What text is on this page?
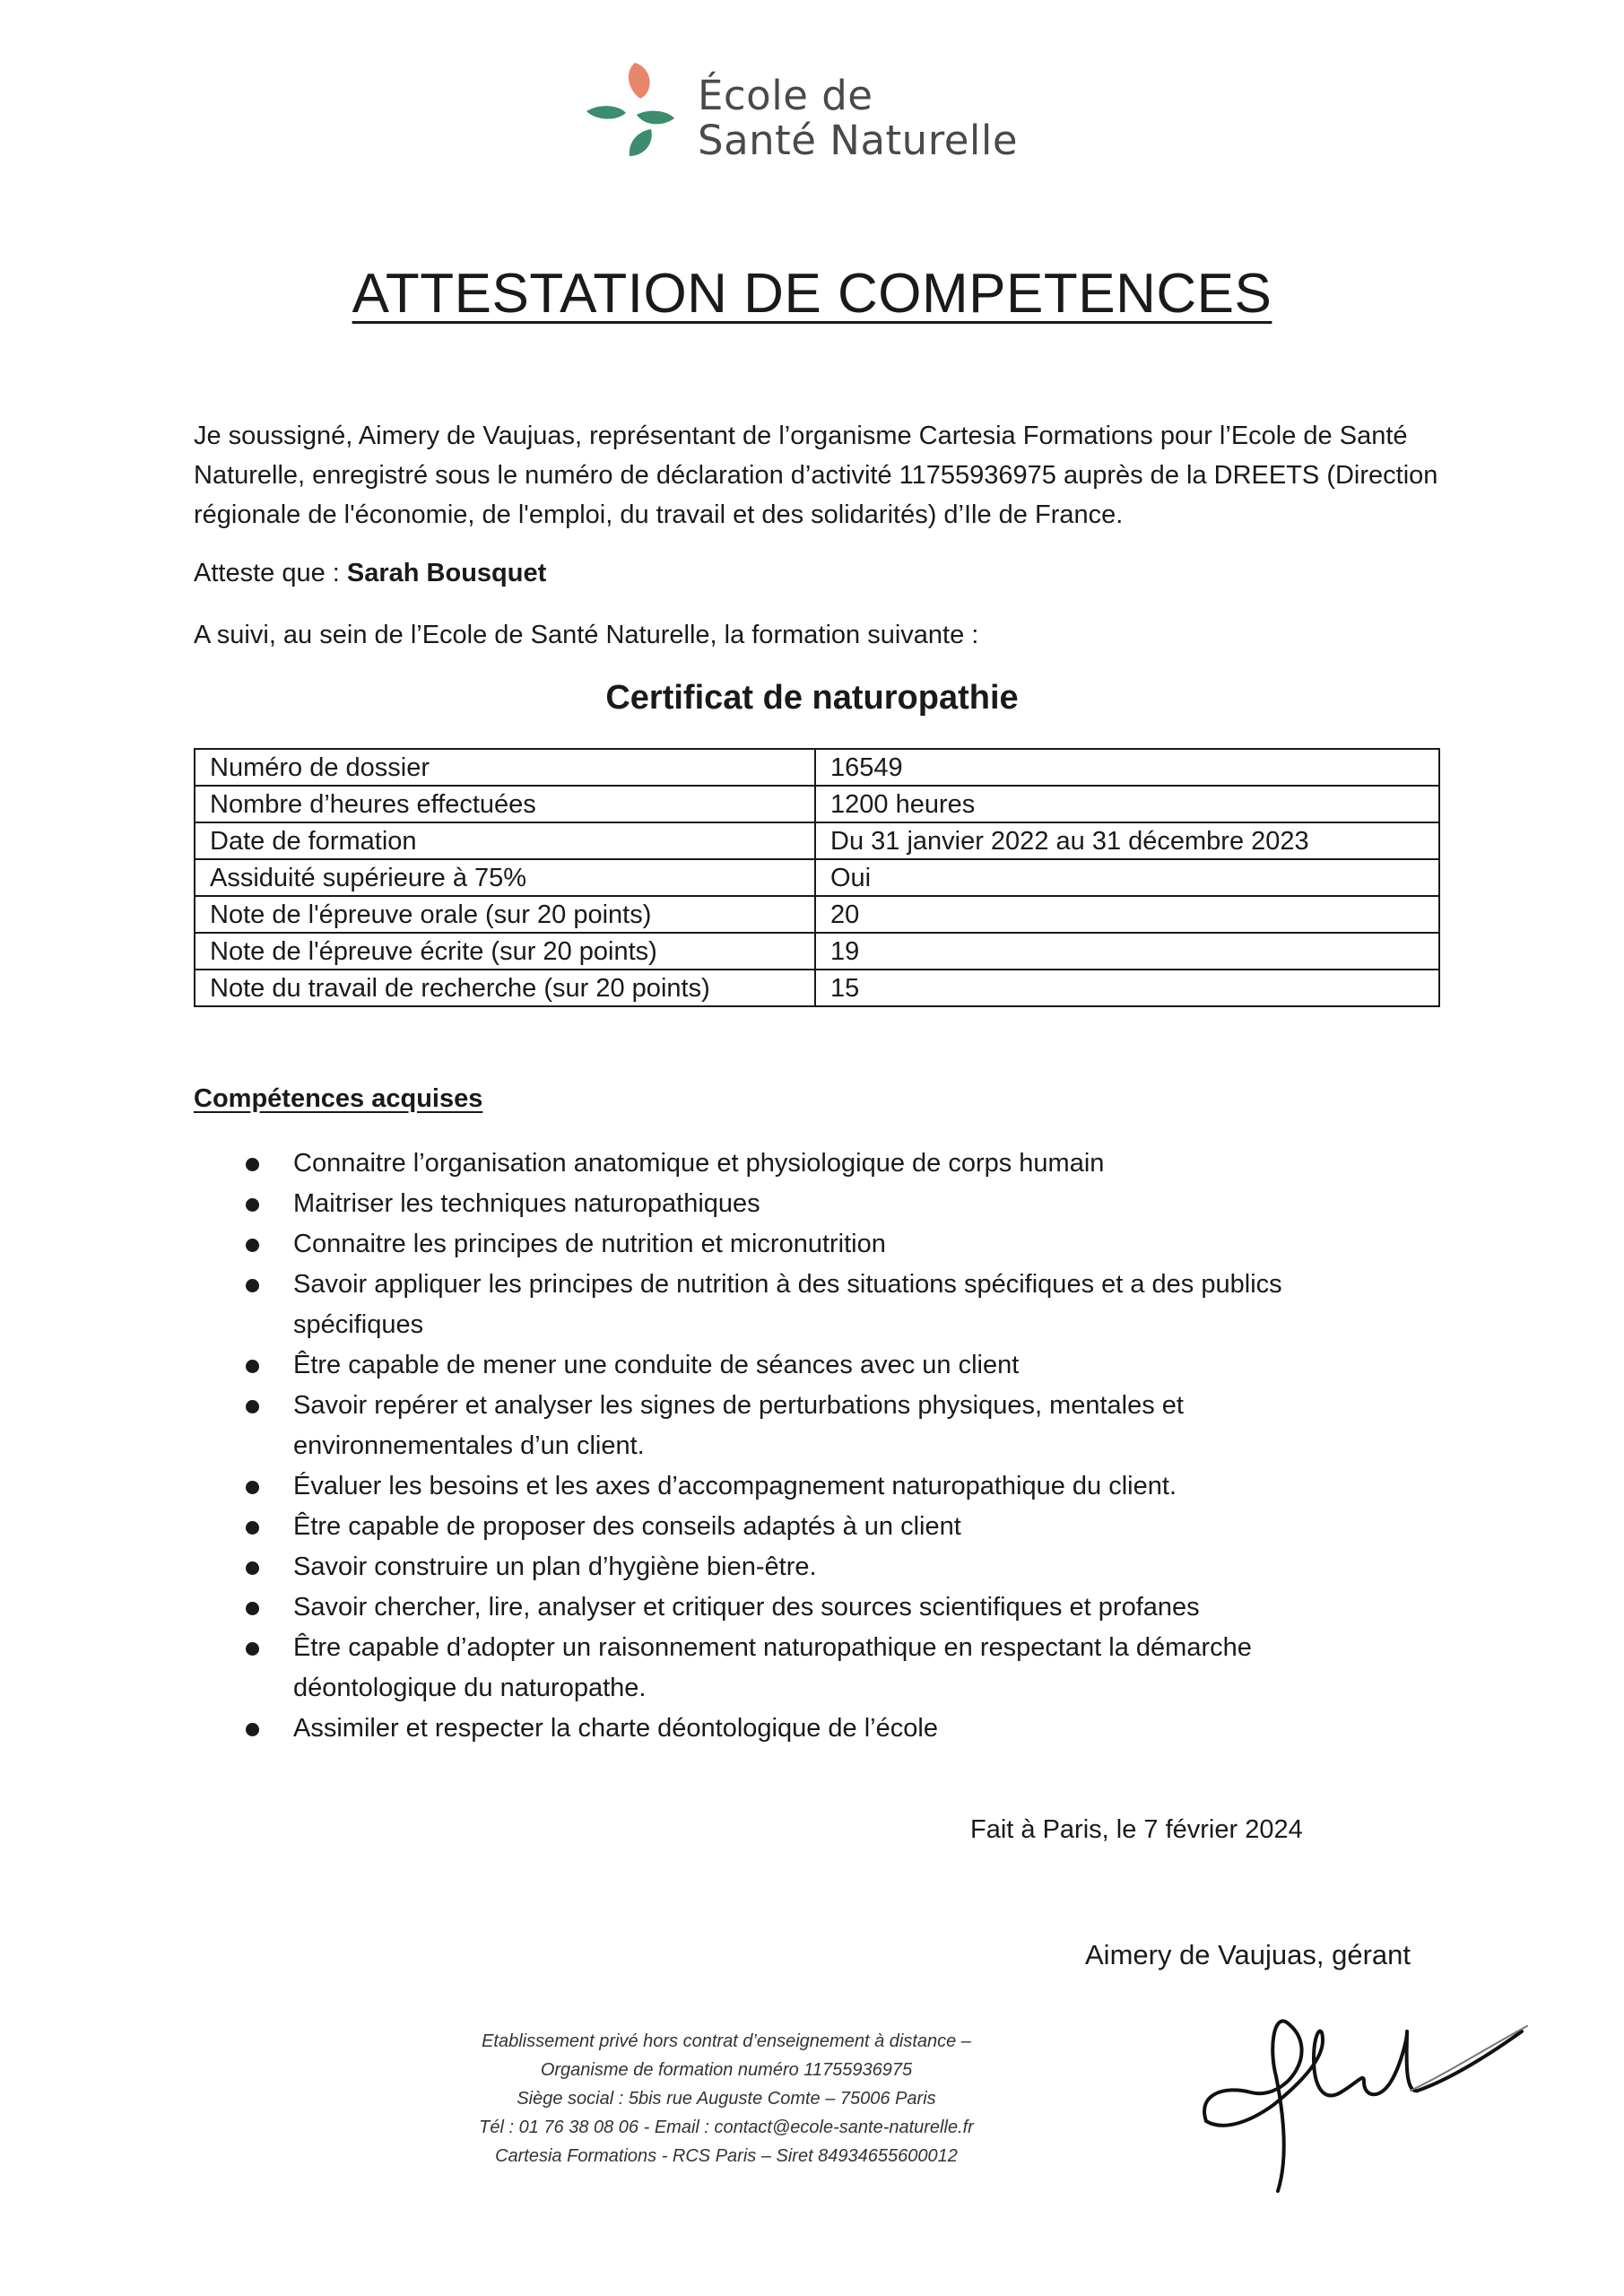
École de
Santé Naturelle
ATTESTATION DE COMPETENCES
Je soussigné, Aimery de Vaujuas, représentant de l’organisme Cartesia Formations pour l’Ecole de Santé Naturelle, enregistré sous le numéro de déclaration d’activité 11755936975 auprès de la DREETS (Direction régionale de l'économie, de l'emploi, du travail et des solidarités) d’Ile de France.
Atteste que : Sarah Bousquet
A suivi, au sein de l’Ecole de Santé Naturelle, la formation suivante :
Certificat de naturopathie
Numéro de dossier	16549
Nombre d’heures effectuées	1200 heures
Date de formation	Du 31 janvier 2022 au 31 décembre 2023
Assiduité supérieure à 75%	Oui
Note de l'épreuve orale (sur 20 points)	20
Note de l'épreuve écrite (sur 20 points)	19
Note du travail de recherche (sur 20 points)	15
Compétences acquises
Connaitre l’organisation anatomique et physiologique de corps humain
Maitriser les techniques naturopathiques
Connaitre les principes de nutrition et micronutrition
Savoir appliquer les principes de nutrition à des situations spécifiques et a des publics spécifiques
Être capable de mener une conduite de séances avec un client
Savoir repérer et analyser les signes de perturbations physiques, mentales et environnementales d’un client.
Évaluer les besoins et les axes d’accompagnement naturopathique du client.
Être capable de proposer des conseils adaptés à un client
Savoir construire un plan d’hygiène bien-être.
Savoir chercher, lire, analyser et critiquer des sources scientifiques et profanes
Être capable d’adopter un raisonnement naturopathique en respectant la démarche déontologique du naturopathe.
Assimiler et respecter la charte déontologique de l’école
Fait à Paris, le 7 février 2024
Aimery de Vaujuas, gérant
Etablissement privé hors contrat d’enseignement à distance –
Organisme de formation numéro 11755936975
Siège social : 5bis rue Auguste Comte – 75006 Paris
Tél : 01 76 38 08 06 - Email : contact@ecole-sante-naturelle.fr
Cartesia Formations - RCS Paris – Siret 84934655600012
